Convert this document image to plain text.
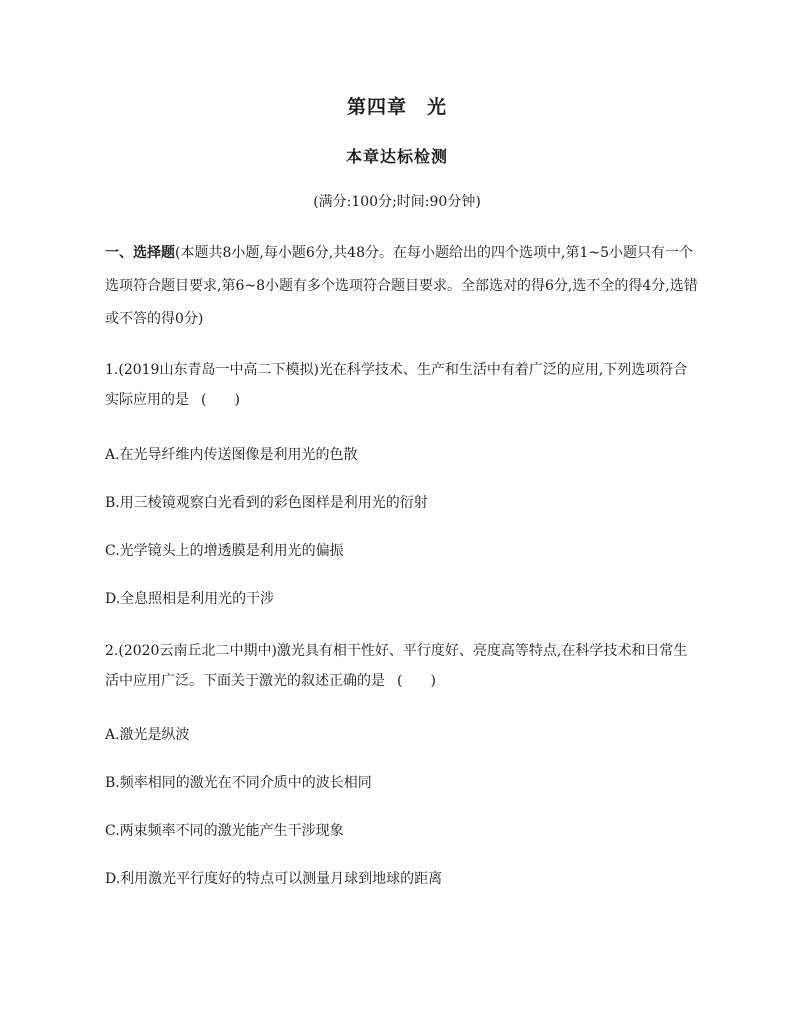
第四章　光
本章达标检测
(满分:100分;时间:90分钟)
一、选择题(本题共8小题,每小题6分,共48分。在每小题给出的四个选项中,第1~5小题只有一个选项符合题目要求,第6~8小题有多个选项符合题目要求。全部选对的得6分,选不全的得4分,选错或不答的得0分)
1.(2019山东青岛一中高二下模拟)光在科学技术、生产和生活中有着广泛的应用,下列选项符合实际应用的是 (　　)
A.在光导纤维内传送图像是利用光的色散
B.用三棱镜观察白光看到的彩色图样是利用光的衍射
C.光学镜头上的增透膜是利用光的偏振
D.全息照相是利用光的干涉
2.(2020云南丘北二中期中)激光具有相干性好、平行度好、亮度高等特点,在科学技术和日常生活中应用广泛。下面关于激光的叙述正确的是 (　　)
A.激光是纵波
B.频率相同的激光在不同介质中的波长相同
C.两束频率不同的激光能产生干涉现象
D.利用激光平行度好的特点可以测量月球到地球的距离
